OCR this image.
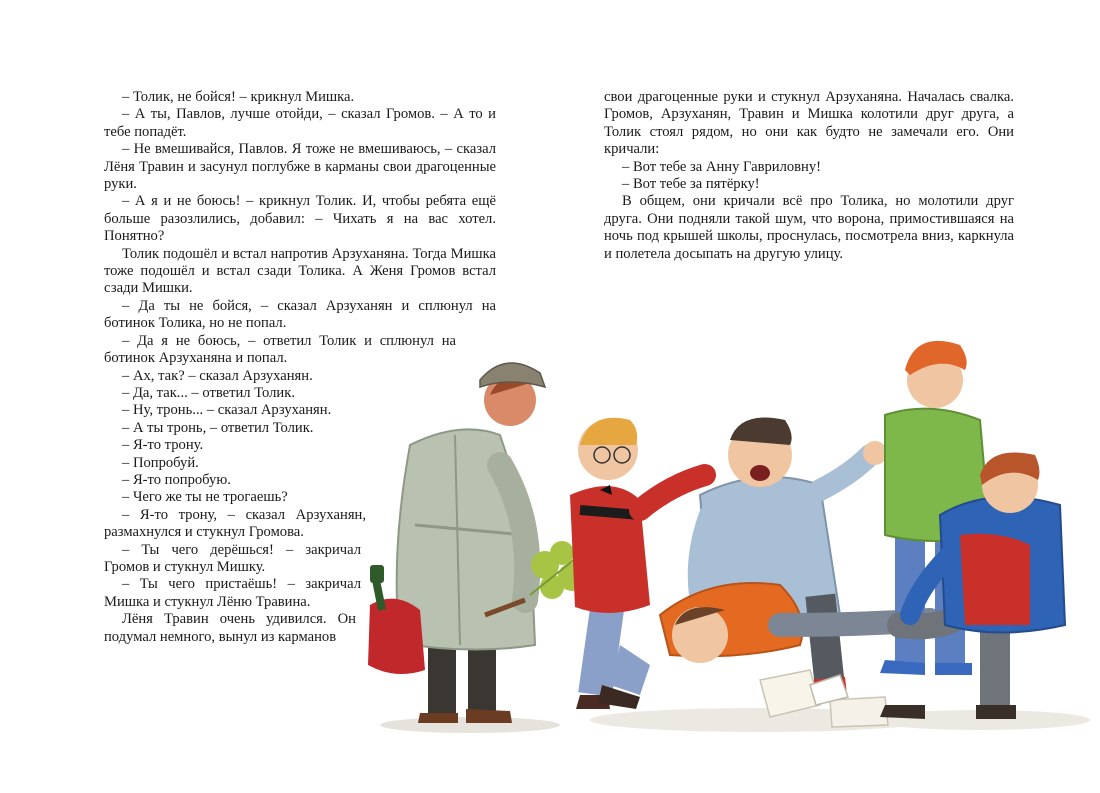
– Толик, не бойся! – крикнул Мишка.

– А ты, Павлов, лучше отойди, – сказал Громов. – А то и тебе попадёт.

– Не вмешивайся, Павлов. Я тоже не вмешиваюсь, – сказал Лёня Травин и засунул поглубже в карманы свои драгоценные руки.

– А я и не боюсь! – крикнул Толик. И, чтобы ребята ещё больше разозлились, добавил: – Чихать я на вас хотел. Понятно?

Толик подошёл и встал напротив Арзуханяна. Тогда Мишка тоже подошёл и встал сзади Толика. А Женя Громов встал сзади Мишки.

– Да ты не бойся, – сказал Арзуханян и сплюнул на ботинок Толика, но не попал.

– Да я не боюсь, – ответил Толик и сплюнул на ботинок Арзуханяна и попал.

– Ах, так? – сказал Арзуханян.

– Да, так... – ответил Толик.

– Ну, тронь... – сказал Арзуханян.

– А ты тронь, – ответил Толик.

– Я-то трону.

– Попробуй.

– Я-то попробую.

– Чего же ты не трогаешь?

– Я-то трону, – сказал Арзуханян, размахнулся и стукнул Громова.

– Ты чего дерёшься! – закричал Громов и стукнул Мишку.

– Ты чего пристаёшь! – закричал Мишка и стукнул Лёню Травина.

Лёня Травин очень удивился. Он подумал немного, вынул из карманов

свои драгоценные руки и стукнул Арзуханяна. Началась свалка. Громов, Арзуханян, Травин и Мишка колотили друг друга, а Толик стоял рядом, но они как будто не замечали его. Они кричали:

– Вот тебе за Анну Гавриловну!

– Вот тебе за пятёрку!

В общем, они кричали всё про Толика, но молотили друг друга. Они подняли такой шум, что ворона, примостившаяся на ночь под крышей школы, проснулась, посмотрела вниз, каркнула и полетела досыпать на другую улицу.
